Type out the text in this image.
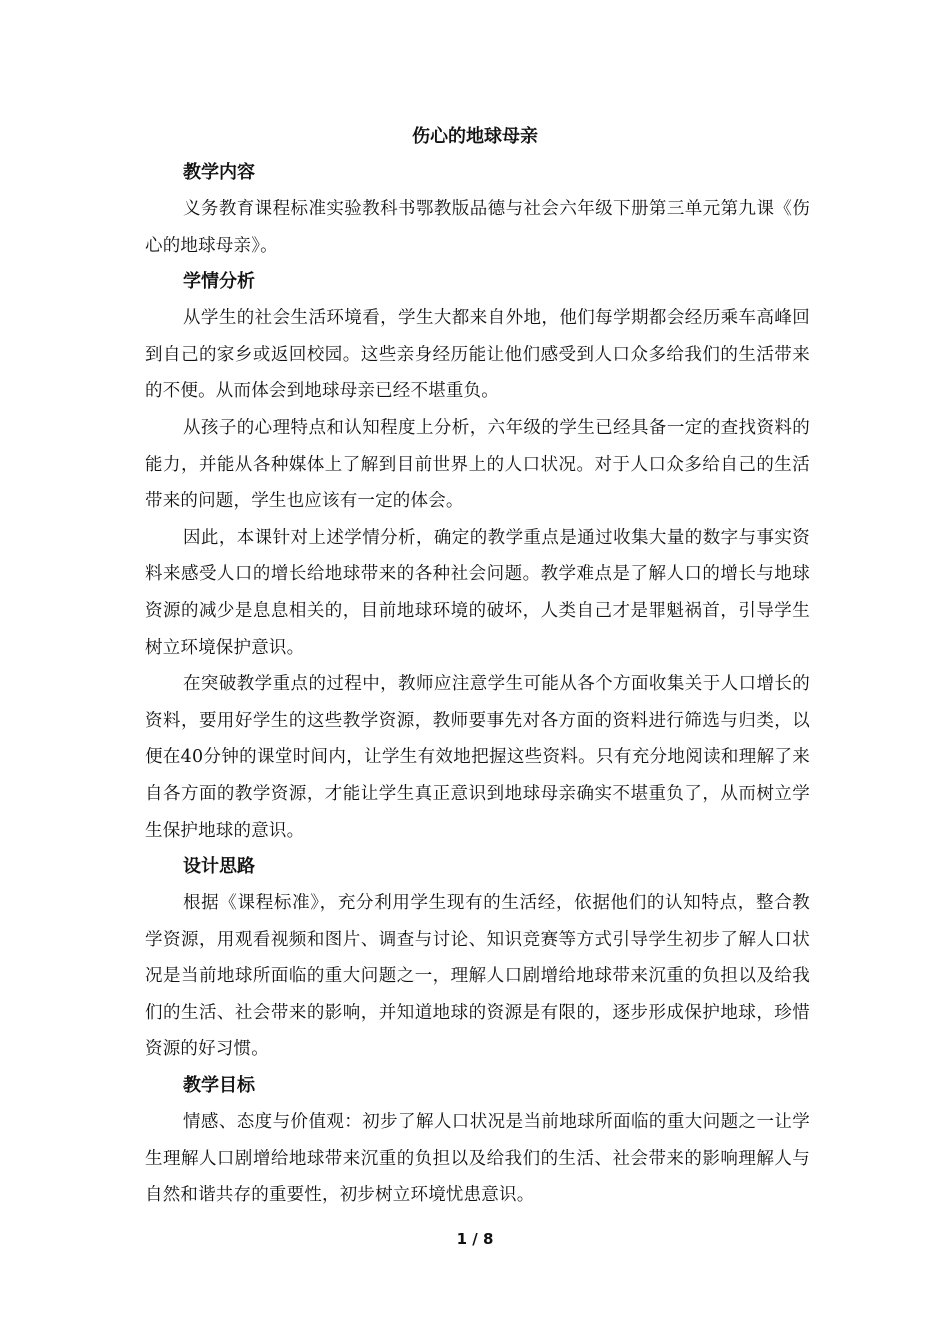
伤心的地球母亲
教学内容

义务教育课程标准实验教科书鄂教版品德与社会六年级下册第三单元第九课《伤心的地球母亲》。

学情分析

从学生的社会生活环境看，学生大都来自外地，他们每学期都会经历乘车高峰回到自己的家乡或返回校园。这些亲身经历能让他们感受到人口众多给我们的生活带来的不便。从而体会到地球母亲已经不堪重负。

从孩子的心理特点和认知程度上分析，六年级的学生已经具备一定的查找资料的能力，并能从各种媒体上了解到目前世界上的人口状况。对于人口众多给自己的生活带来的问题，学生也应该有一定的体会。

因此，本课针对上述学情分析，确定的教学重点是通过收集大量的数字与事实资料来感受人口的增长给地球带来的各种社会问题。教学难点是了解人口的增长与地球资源的减少是息息相关的，目前地球环境的破坏，人类自己才是罪魁祸首，引导学生树立环境保护意识。

在突破教学重点的过程中，教师应注意学生可能从各个方面收集关于人口增长的资料，要用好学生的这些教学资源，教师要事先对各方面的资料进行筛选与归类，以便在40分钟的课堂时间内，让学生有效地把握这些资料。只有充分地阅读和理解了来自各方面的教学资源，才能让学生真正意识到地球母亲确实不堪重负了，从而树立学生保护地球的意识。

设计思路

根据《课程标准》，充分利用学生现有的生活经，依据他们的认知特点，整合教学资源，用观看视频和图片、调查与讨论、知识竞赛等方式引导学生初步了解人口状况是当前地球所面临的重大问题之一，理解人口剧增给地球带来沉重的负担以及给我们的生活、社会带来的影响，并知道地球的资源是有限的，逐步形成保护地球，珍惜资源的好习惯。

教学目标

情感、态度与价值观：初步了解人口状况是当前地球所面临的重大问题之一让学生理解人口剧增给地球带来沉重的负担以及给我们的生活、社会带来的影响理解人与自然和谐共存的重要性，初步树立环境忧患意识。

1 / 8
